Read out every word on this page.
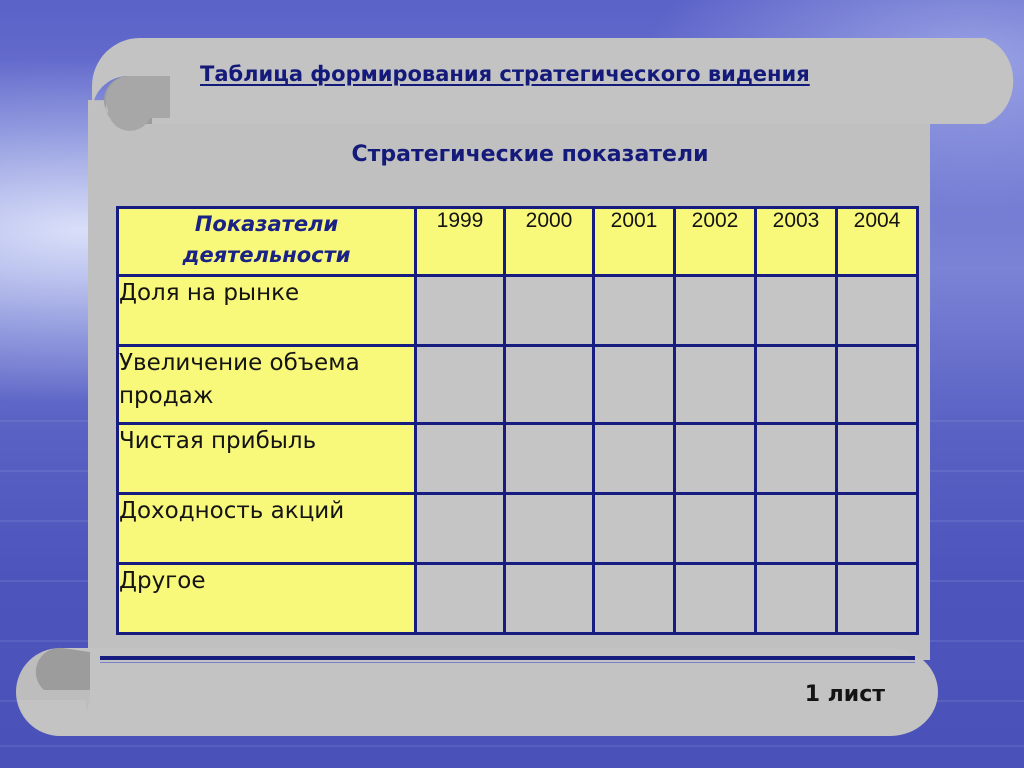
Таблица формирования стратегического видения
Стратегические показатели
Показатели
деятельности	1999	2000	2001	2002	2003	2004
Доля на рынке						
Увеличение объема продаж						
Чистая прибыль						
Доходность акций						
Другое						
1 лист
